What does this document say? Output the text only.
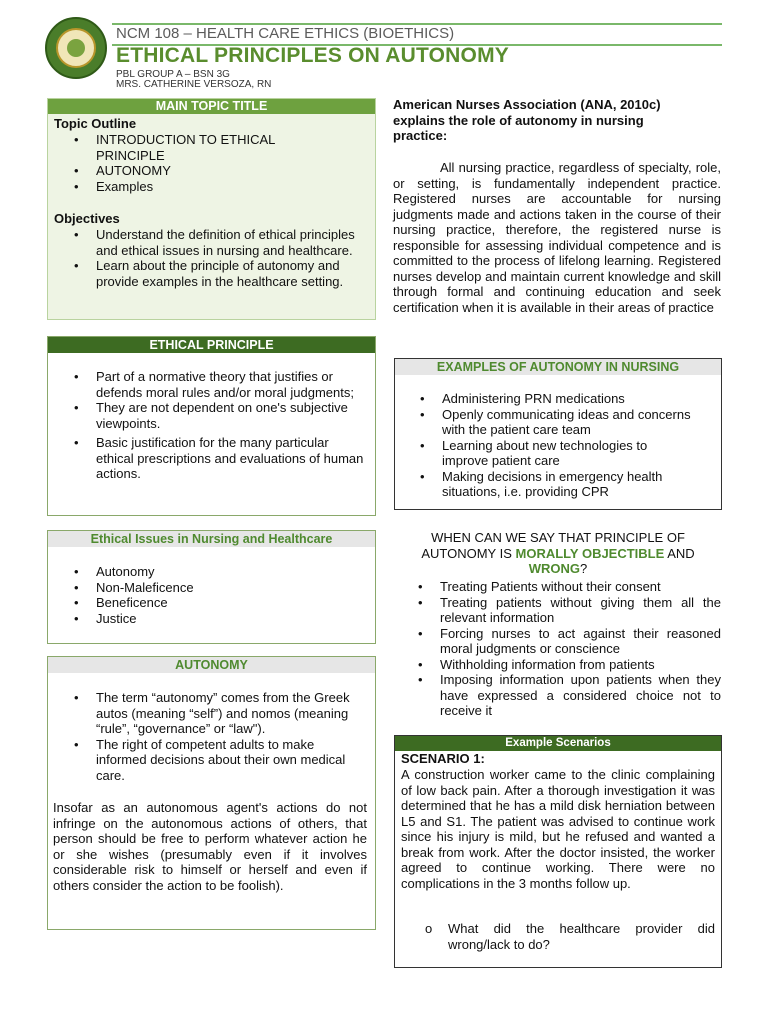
NCM 108 – HEALTH CARE ETHICS (BIOETHICS)
ETHICAL PRINCIPLES ON AUTONOMY
PBL GROUP A – BSN 3G
MRS. CATHERINE VERSOZA, RN
MAIN TOPIC TITLE
Topic Outline
• INTRODUCTION TO ETHICAL PRINCIPLE
• AUTONOMY
• Examples
Objectives
• Understand the definition of ethical principles and ethical issues in nursing and healthcare.
• Learn about the principle of autonomy and provide examples in the healthcare setting.
ETHICAL PRINCIPLE
• Part of a normative theory that justifies or defends moral rules and/or moral judgments;
• They are not dependent on one's subjective viewpoints.
• Basic justification for the many particular ethical prescriptions and evaluations of human actions.
Ethical Issues in Nursing and Healthcare
• Autonomy
• Non-Maleficence
• Beneficence
• Justice
AUTONOMY
• The term “autonomy” comes from the Greek autos (meaning “self”) and nomos (meaning “rule”, “governance” or “law").
• The right of competent adults to make informed decisions about their own medical care.
Insofar as an autonomous agent's actions do not infringe on the autonomous actions of others, that person should be free to perform whatever action he or she wishes (presumably even if it involves considerable risk to himself or herself and even if others consider the action to be foolish).
American Nurses Association (ANA, 2010c) explains the role of autonomy in nursing practice:
All nursing practice, regardless of specialty, role, or setting, is fundamentally independent practice. Registered nurses are accountable for nursing judgments made and actions taken in the course of their nursing practice, therefore, the registered nurse is responsible for assessing individual competence and is committed to the process of lifelong learning. Registered nurses develop and maintain current knowledge and skill through formal and continuing education and seek certification when it is available in their areas of practice
EXAMPLES OF AUTONOMY IN NURSING
• Administering PRN medications
• Openly communicating ideas and concerns with the patient care team
• Learning about new technologies to improve patient care
• Making decisions in emergency health situations, i.e. providing CPR
WHEN CAN WE SAY THAT PRINCIPLE OF
AUTONOMY IS MORALLY OBJECTIBLE AND
WRONG?
• Treating Patients without their consent
• Treating patients without giving them all the relevant information
• Forcing nurses to act against their reasoned moral judgments or conscience
• Withholding information from patients
• Imposing information upon patients when they have expressed a considered choice not to receive it
Example Scenarios
SCENARIO 1:
A construction worker came to the clinic complaining of low back pain. After a thorough investigation it was determined that he has a mild disk herniation between L5 and S1. The patient was advised to continue work since his injury is mild, but he refused and wanted a break from work. After the doctor insisted, the worker agreed to continue working. There were no complications in the 3 months follow up.
o What did the healthcare provider did wrong/lack to do?
